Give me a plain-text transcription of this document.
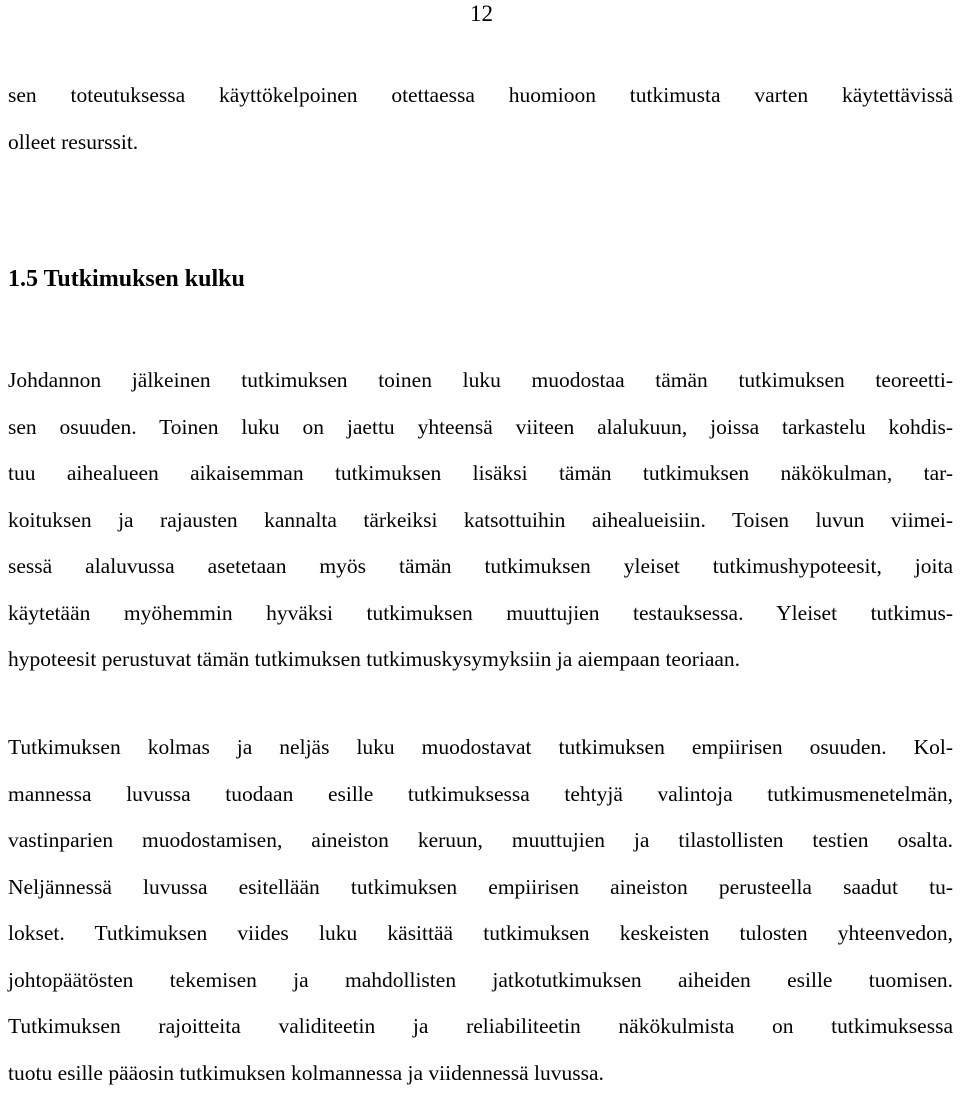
12

sen toteutuksessa käyttökelpoinen otettaessa huomioon tutkimusta varten käytettävissä
olleet resurssit.

1.5 Tutkimuksen kulku

Johdannon jälkeinen tutkimuksen toinen luku muodostaa tämän tutkimuksen teoreetti-
sen osuuden. Toinen luku on jaettu yhteensä viiteen alalukuun, joissa tarkastelu kohdis-
tuu aihealueen aikaisemman tutkimuksen lisäksi tämän tutkimuksen näkökulman, tar-
koituksen ja rajausten kannalta tärkeiksi katsottuihin aihealueisiin. Toisen luvun viimei-
sessä alaluvussa asetetaan myös tämän tutkimuksen yleiset tutkimushypoteesit, joita
käytetään myöhemmin hyväksi tutkimuksen muuttujien testauksessa. Yleiset tutkimus-
hypoteesit perustuvat tämän tutkimuksen tutkimuskysymyksiin ja aiempaan teoriaan.

Tutkimuksen kolmas ja neljäs luku muodostavat tutkimuksen empiirisen osuuden. Kol-
mannessa luvussa tuodaan esille tutkimuksessa tehtyjä valintoja tutkimusmenetelmän,
vastinparien muodostamisen, aineiston keruun, muuttujien ja tilastollisten testien osalta.
Neljännessä luvussa esitellään tutkimuksen empiirisen aineiston perusteella saadut tu-
lokset. Tutkimuksen viides luku käsittää tutkimuksen keskeisten tulosten yhteenvedon,
johtopäätösten tekemisen ja mahdollisten jatkotutkimuksen aiheiden esille tuomisen.
Tutkimuksen rajoitteita validiteetin ja reliabiliteetin näkökulmista on tutkimuksessa
tuotu esille pääosin tutkimuksen kolmannessa ja viidennessä luvussa.
